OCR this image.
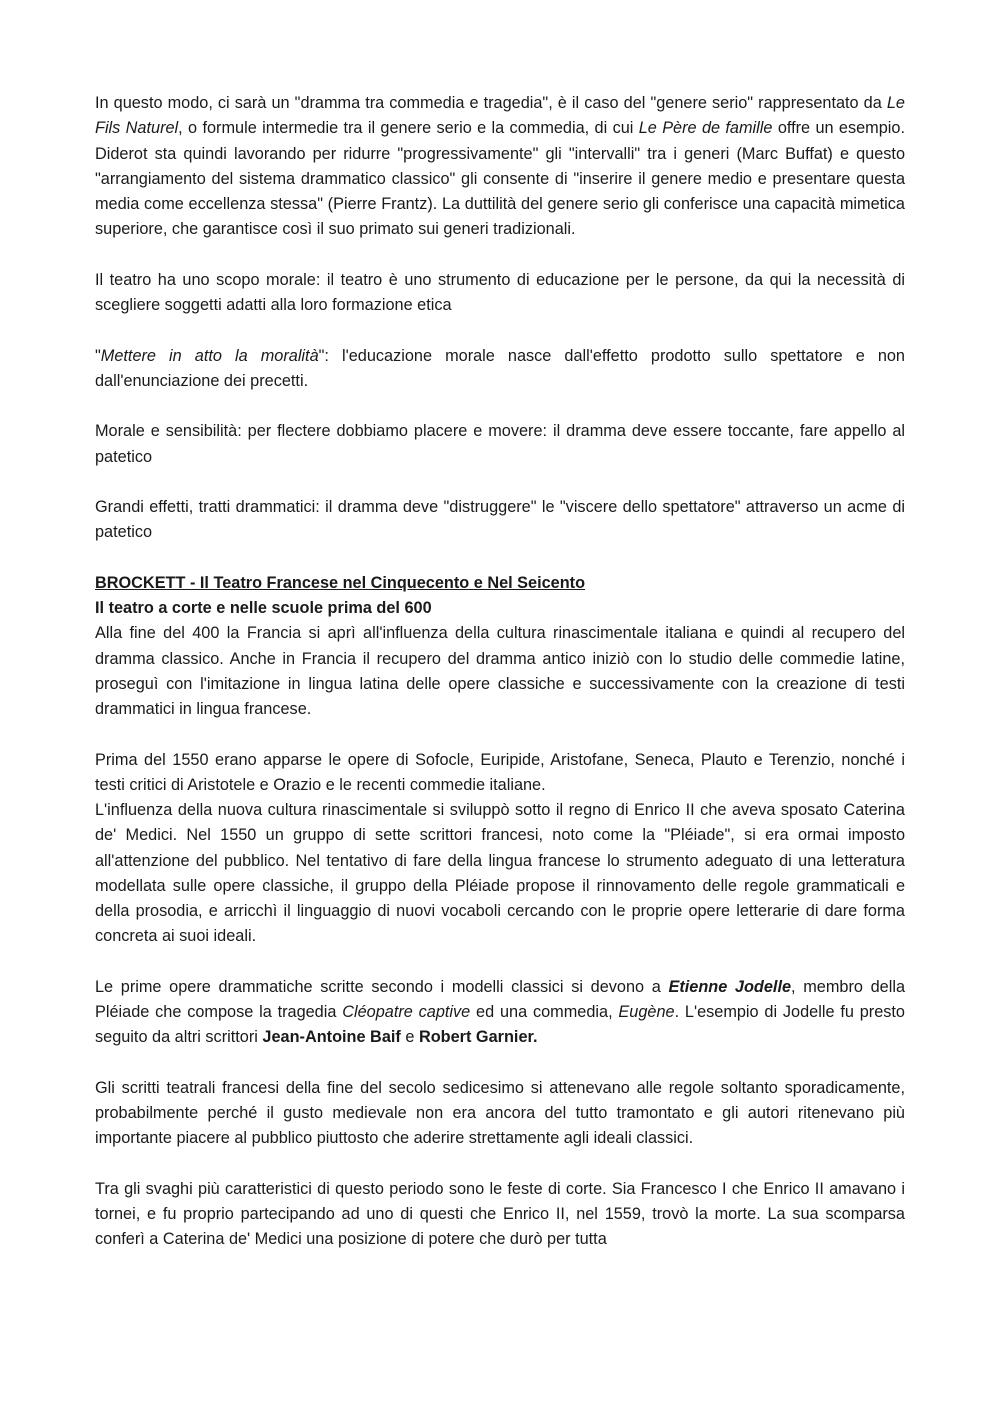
In questo modo, ci sarà un "dramma tra commedia e tragedia", è il caso del "genere serio" rappresentato da Le Fils Naturel, o formule intermedie tra il genere serio e la commedia, di cui Le Père de famille offre un esempio. Diderot sta quindi lavorando per ridurre "progressivamente" gli "intervalli" tra i generi (Marc Buffat) e questo "arrangiamento del sistema drammatico classico" gli consente di "inserire il genere medio e presentare questa media come eccellenza stessa" (Pierre Frantz). La duttilità del genere serio gli conferisce una capacità mimetica superiore, che garantisce così il suo primato sui generi tradizionali.

Il teatro ha uno scopo morale: il teatro è uno strumento di educazione per le persone, da qui la necessità di scegliere soggetti adatti alla loro formazione etica

"Mettere in atto la moralità": l'educazione morale nasce dall'effetto prodotto sullo spettatore e non dall'enunciazione dei precetti.

Morale e sensibilità: per flectere dobbiamo placere e movere: il dramma deve essere toccante, fare appello al patetico

Grandi effetti, tratti drammatici: il dramma deve "distruggere" le "viscere dello spettatore" attraverso un acme di patetico

BROCKETT - Il Teatro Francese nel Cinquecento e Nel Seicento
Il teatro a corte e nelle scuole prima del 600

Alla fine del 400 la Francia si aprì all'influenza della cultura rinascimentale italiana e quindi al recupero del dramma classico. Anche in Francia il recupero del dramma antico iniziò con lo studio delle commedie latine, proseguì con l'imitazione in lingua latina delle opere classiche e successivamente con la creazione di testi drammatici in lingua francese.

Prima del 1550 erano apparse le opere di Sofocle, Euripide, Aristofane, Seneca, Plauto e Terenzio, nonché i testi critici di Aristotele e Orazio e le recenti commedie italiane.

L'influenza della nuova cultura rinascimentale si sviluppò sotto il regno di Enrico II che aveva sposato Caterina de' Medici. Nel 1550 un gruppo di sette scrittori francesi, noto come la "Pléiade", si era ormai imposto all'attenzione del pubblico. Nel tentativo di fare della lingua francese lo strumento adeguato di una letteratura modellata sulle opere classiche, il gruppo della Pléiade propose il rinnovamento delle regole grammaticali e della prosodia, e arricchì il linguaggio di nuovi vocaboli cercando con le proprie opere letterarie di dare forma concreta ai suoi ideali.

Le prime opere drammatiche scritte secondo i modelli classici si devono a Etienne Jodelle, membro della Pléiade che compose la tragedia Cléopatre captive ed una commedia, Eugène. L'esempio di Jodelle fu presto seguito da altri scrittori Jean-Antoine Baif e Robert Garnier.

Gli scritti teatrali francesi della fine del secolo sedicesimo si attenevano alle regole soltanto sporadicamente, probabilmente perché il gusto medievale non era ancora del tutto tramontato e gli autori ritenevano più importante piacere al pubblico piuttosto che aderire strettamente agli ideali classici.

Tra gli svaghi più caratteristici di questo periodo sono le feste di corte. Sia Francesco I che Enrico II amavano i tornei, e fu proprio partecipando ad uno di questi che Enrico II, nel 1559, trovò la morte. La sua scomparsa conferì a Caterina de' Medici una posizione di potere che durò per tutta
